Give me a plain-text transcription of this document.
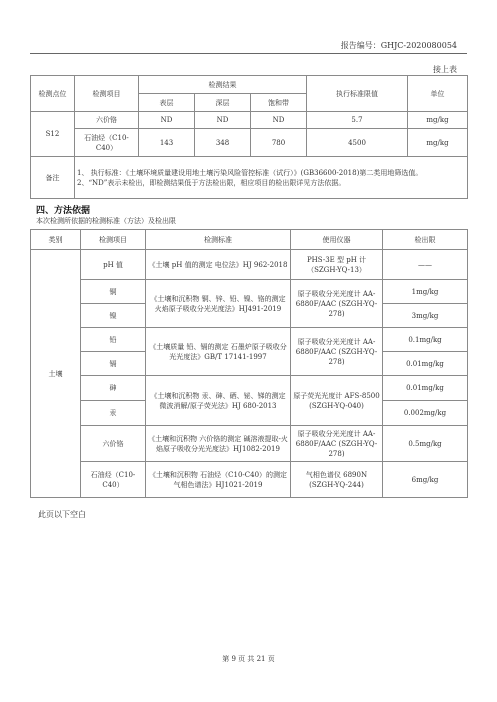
报告编号：GHJC-2020080054
接上表
检测点位	检测项目	检测结果			执行标准限值	单位
		表层	深层	饱和带		
S12	六价铬	ND	ND	ND	5.7	mg/kg
	石油烃（C10-C40）	143	348	780	4500	mg/kg
备注	1、 执行标准：《土壤环境质量建设用地土壤污染风险管控标准（试行）》(GB36600-2018)第二类用地筛选值。
2、“ND”表示未检出，即检测结果低于方法检出限，相应项目的检出限详见方法依据。					
四、方法依据
本次检测所依据的检测标准（方法）及检出限
类别	检测项目	检测标准	使用仪器	检出限
土壤	pH 值	《土壤 pH 值的测定 电位法》HJ 962-2018	PHS-3E 型 pH 计（SZGH-YQ-13）	——
	铜	《土壤和沉积物 铜、锌、铅、镍、铬的测定 火焰原子吸收分光光度法》HJ491-2019	原子吸收分光光度计 AA-6880F/AAC (SZGH-YQ-278)	1mg/kg
	镍			3mg/kg
	铅	《土壤质量 铅、镉的测定 石墨炉原子吸收分光光度法》GB/T 17141-1997	原子吸收分光光度计 AA-6880F/AAC (SZGH-YQ-278)	0.1mg/kg
	镉			0.01mg/kg
	砷	《土壤和沉积物 汞、砷、硒、铋、锑的测定 微波消解/原子荧光法》HJ 680-2013	原子荧光光度计 AFS-8500 (SZGH-YQ-040)	0.01mg/kg
	汞			0.002mg/kg
	六价铬	《土壤和沉积物 六价铬的测定 碱溶液提取-火焰原子吸收分光光度法》HJ1082-2019	原子吸收分光光度计 AA-6880F/AAC (SZGH-YQ-278)	0.5mg/kg
	石油烃（C10-C40）	《土壤和沉积物 石油烃（C10-C40）的测定气相色谱法》HJ1021-2019	气相色谱仪 6890N (SZGH-YQ-244)	6mg/kg
此页以下空白
第 9 页 共 21 页
